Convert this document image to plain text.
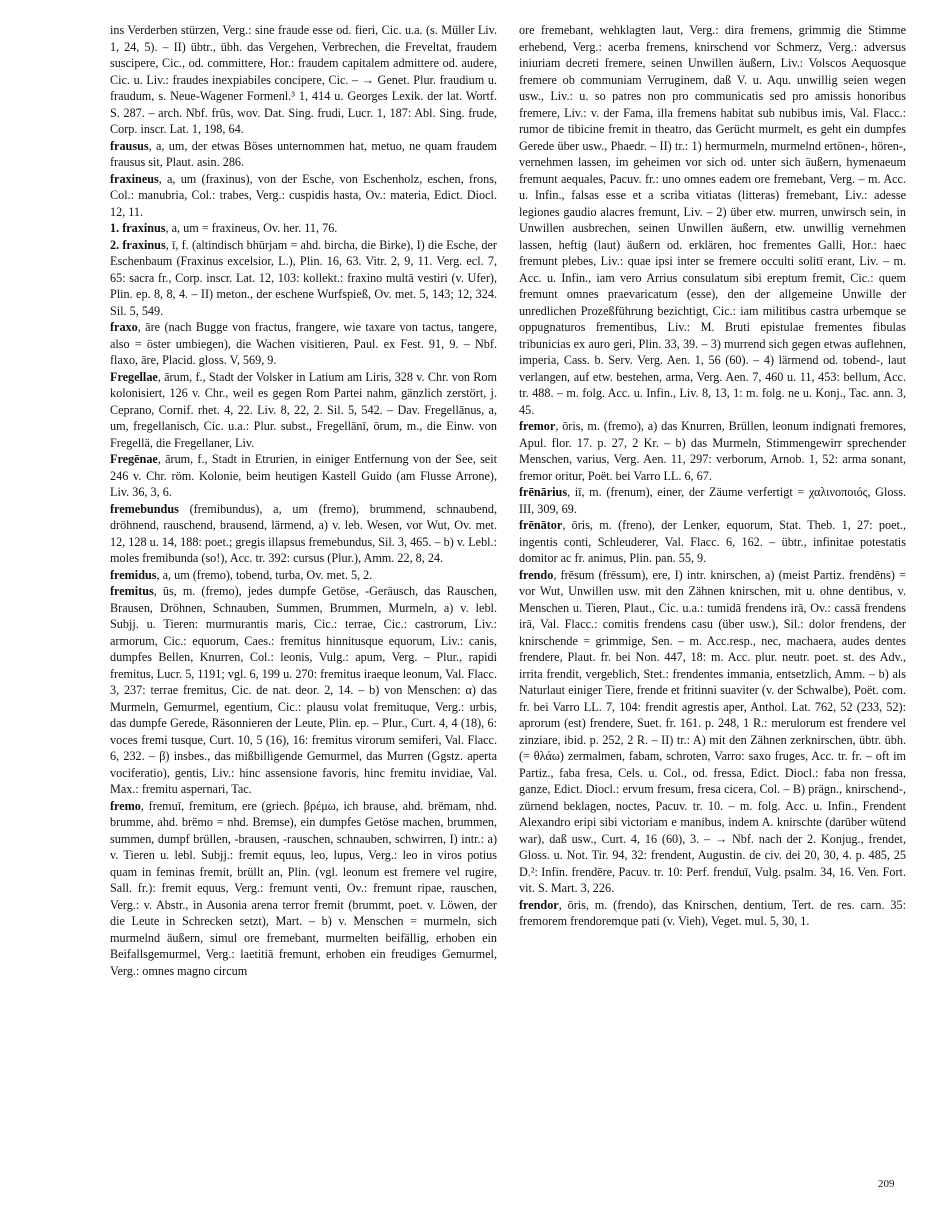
ins Verderben stürzen, Verg.: sine fraude esse od. fieri, Cic. u.a. (s. Müller Liv. 1, 24, 5). – II) übtr., übh. das Vergehen, Verbrechen, die Freveltat, fraudem suscipere, Cic., od. committere, Hor.: fraudem capitalem admittere od. audere, Cic. u. Liv.: fraudes inexpiabiles concipere, Cic. – → Genet. Plur. fraudium u. fraudum, s. Neue-Wagener Formenl.³ 1, 414 u. Georges Lexik. der lat. Wortf. S. 287. – arch. Nbf. frūs, wov. Dat. Sing. frudi, Lucr. 1, 187: Abl. Sing. frude, Corp. inscr. Lat. 1, 198, 64.

frausus, a, um, der etwas Böses unternommen hat, metuo, ne quam fraudem frausus sit, Plaut. asin. 286.

fraxineus, a, um (fraxinus), von der Esche, von Eschenholz, eschen, frons, Col.: manubria, Col.: trabes, Verg.: cuspidis hasta, Ov.: materia, Edict. Diocl. 12, 11.

1. fraxinus, a, um = fraxineus, Ov. her. 11, 76.

2. fraxinus, ī, f. (altindisch bhūrjam = ahd. bircha, die Birke), I) die Esche, der Eschenbaum (Fraxinus excelsior, L.), Plin. 16, 63. Vitr. 2, 9, 11. Verg. ecl. 7, 65: sacra fr., Corp. inscr. Lat. 12, 103: kollekt.: fraxino multā vestiri (v. Ufer), Plin. ep. 8, 8, 4. – II) meton., der eschene Wurfspieß, Ov. met. 5, 143; 12, 324. Sil. 5, 549.

fraxo, āre (nach Bugge von fractus, frangere, wie taxare von tactus, tangere, also = öster umbiegen), die Wachen visitieren, Paul. ex Fest. 91, 9. – Nbf. flaxo, āre, Placid. gloss. V, 569, 9.

Fregellae, ārum, f., Stadt der Volsker in Latium am Liris, 328 v. Chr. von Rom kolonisiert, 126 v. Chr., weil es gegen Rom Partei nahm, gänzlich zerstört, j. Ceprano, Cornif. rhet. 4, 22. Liv. 8, 22, 2. Sil. 5, 542. – Dav. Fregellānus, a, um, fregellanisch, Cic. u.a.: Plur. subst., Fregellānī, ōrum, m., die Einw. von Fregellä, die Fregellaner, Liv.

Fregēnae, ārum, f., Stadt in Etrurien, in einiger Entfernung von der See, seit 246 v. Chr. röm. Kolonie, beim heutigen Kastell Guido (am Flusse Arrone), Liv. 36, 3, 6.

fremebundus (fremibundus), a, um (fremo), brummend, schnaubend, dröhnend, rauschend, brausend, lärmend, a) v. leb. Wesen, vor Wut, Ov. met. 12, 128 u. 14, 188: poet.; gregis illapsus fremebundus, Sil. 3, 465. – b) v. Lebl.: moles fremibunda (so!), Acc. tr. 392: cursus (Plur.), Amm. 22, 8, 24.

fremidus, a, um (fremo), tobend, turba, Ov. met. 5, 2.

fremitus, ūs, m. (fremo), jedes dumpfe Getöse, -Geräusch, das Rauschen, Brausen, Dröhnen, Schnauben, Summen, Brummen, Murmeln, a) v. lebl. Subjj. u. Tieren: murmurantis maris, Cic.: terrae, Cic.: castrorum, Liv.: armorum, Cic.: equorum, Caes.: fremitus hinnitusque equorum, Liv.: canis, dumpfes Bellen, Knurren, Col.: leonis, Vulg.: apum, Verg. – Plur., rapidi fremitus, Lucr. 5, 1191; vgl. 6, 199 u. 270: fremitus iraeque leonum, Val. Flacc. 3, 237: terrae fremitus, Cic. de nat. deor. 2, 14. – b) von Menschen: α) das Murmeln, Gemurmel, egentium, Cic.: plausu volat fremituque, Verg.: urbis, das dumpfe Gerede, Räsonnieren der Leute, Plin. ep. – Plur., Curt. 4, 4 (18), 6: voces fremi tusque, Curt. 10, 5 (16), 16: fremitus virorum semiferi, Val. Flacc. 6, 232. – β) insbes., das mißbilligende Gemurmel, das Murren (Ggstz. aperta vociferatio), gentis, Liv.: hinc assensione favoris, hinc fremitu invidiae, Val. Max.: fremitu aspernari, Tac.

fremo, fremuī, fremitum, ere (griech. βρέμω, ich brause, ahd. brëmam, nhd. brumme, ahd. brëmo = nhd. Bremse), ein dumpfes Getöse machen, brummen, summen, dumpf brüllen, -brausen, -rauschen, schnauben, schwirren, I) intr.: a) v. Tieren u. lebl. Subjj.: fremit equus, leo, lupus, Verg.: leo in viros potius quam in feminas fremit, brüllt an, Plin. (vgl. leonum est fremere vel rugire, Sall. fr.): fremit equus, Verg.: fremunt venti, Ov.: fremunt ripae, rauschen, Verg.: v. Abstr., in Ausonia arena terror fremit (brummt, poet. v. Löwen, der die Leute in Schrecken setzt), Mart. – b) v. Menschen = murmeln, sich murmelnd äußern, simul ore fremebant, murmelten beifällig, erhoben ein Beifallsgemurmel, Verg.: laetitiā fremunt, erhoben ein freudiges Gemurmel, Verg.: omnes magno circum

ore fremebant, wehklagten laut, Verg.: dira fremens, grimmig die Stimme erhebend, Verg.: acerba fremens, knirschend vor Schmerz, Verg.: adversus iniuriam decreti fremere, seinen Unwillen äußern, Liv.: Volscos Aequosque fremere ob communiam Verruginem, daß V. u. Aqu. unwillig seien wegen usw., Liv.: u. so patres non pro communicatis sed pro amissis honoribus fremere, Liv.: v. der Fama, illa fremens habitat sub nubibus imis, Val. Flacc.: rumor de tibicine fremit in theatro, das Gerücht murmelt, es geht ein dumpfes Gerede über usw., Phaedr. – II) tr.: 1) hermurmeln, murmelnd ertönen-, hören-, vernehmen lassen, im geheimen vor sich od. unter sich äußern, hymenaeum fremunt aequales, Pacuv. fr.: uno omnes eadem ore fremebant, Verg. – m. Acc. u. Infin., falsas esse et a scriba vitiatas (litteras) fremebant, Liv.: adesse legiones gaudio alacres fremunt, Liv. – 2) über etw. murren, unwirsch sein, in Unwillen ausbrechen, seinen Unwillen äußern, etw. unwillig vernehmen lassen, heftig (laut) äußern od. erklären, hoc frementes Galli, Hor.: haec fremunt plebes, Liv.: quae ipsi inter se fremere occulti solitī erant, Liv. – m. Acc. u. Infin., iam vero Arrius consulatum sibi ereptum fremit, Cic.: quem fremunt omnes praevaricatum (esse), den der allgemeine Unwille der unredlichen Prozeßführung bezichtigt, Cic.: iam militibus castra urbemque se oppugnaturos frementibus, Liv.: M. Bruti epistulae frementes fibulas tribunicias ex auro geri, Plin. 33, 39. – 3) murrend sich gegen etwas auflehnen, imperia, Cass. b. Serv. Verg. Aen. 1, 56 (60). – 4) lärmend od. tobend-, laut verlangen, auf etw. bestehen, arma, Verg. Aen. 7, 460 u. 11, 453: bellum, Acc. tr. 488. – m. folg. Acc. u. Infin., Liv. 8, 13, 1: m. folg. ne u. Konj., Tac. ann. 3, 45.

fremor, ōris, m. (fremo), a) das Knurren, Brüllen, leonum indignati fremores, Apul. flor. 17. p. 27, 2 Kr. – b) das Murmeln, Stimmengewirr sprechender Menschen, varius, Verg. Aen. 11, 297: verborum, Arnob. 1, 52: arma sonant, fremor oritur, Poët. bei Varro LL. 6, 67.

frēnārius, iī, m. (frenum), einer, der Zäume verfertigt = χαλινοποιός, Gloss. III, 309, 69.

frēnātor, ōris, m. (freno), der Lenker, equorum, Stat. Theb. 1, 27: poet., ingentis conti, Schleuderer, Val. Flacc. 6, 162. – übtr., infinitae potestatis domitor ac fr. animus, Plin. pan. 55, 9.

frendo, frēsum (frēssum), ere, I) intr. knirschen, a) (meist Partiz. frendēns) = vor Wut, Unwillen usw. mit den Zähnen knirschen, mit u. ohne dentibus, v. Menschen u. Tieren, Plaut., Cic. u.a.: tumidā frendens irā, Ov.: cassā frendens irā, Val. Flacc.: comitis frendens casu (über usw.), Sil.: dolor frendens, der knirschende = grimmige, Sen. – m. Acc.resp., nec, machaera, audes dentes frendere, Plaut. fr. bei Non. 447, 18: m. Acc. plur. neutr. poet. st. des Adv., irrita frendit, vergeblich, Stet.: frendentes immania, entsetzlich, Amm. – b) als Naturlaut einiger Tiere, frende et fritinni suaviter (v. der Schwalbe), Poët. com. fr. bei Varro LL. 7, 104: frendit agrestis aper, Anthol. Lat. 762, 52 (233, 52): aprorum (est) frendere, Suet. fr. 161. p. 248, 1 R.: merulorum est frendere vel zinziare, ibid. p. 252, 2 R. – II) tr.: A) mit den Zähnen zerknirschen, übtr. übh. (= θλάω) zermalmen, fabam, schroten, Varro: saxo fruges, Acc. tr. fr. – oft im Partiz., faba fresa, Cels. u. Col., od. fressa, Edict. Diocl.: faba non fressa, ganze, Edict. Diocl.: ervum fresum, fresa cicera, Col. – B) prägn., knirschend-, zürnend beklagen, noctes, Pacuv. tr. 10. – m. folg. Acc. u. Infin., Frendent Alexandro eripi sibi victoriam e manibus, indem A. knirschte (darüber wütend war), daß usw., Curt. 4, 16 (60), 3. – → Nbf. nach der 2. Konjug., frendet, Gloss. u. Not. Tir. 94, 32: frendent, Augustin. de civ. dei 20, 30, 4. p. 485, 25 D.²: Infin. frendēre, Pacuv. tr. 10: Perf. frenduī, Vulg. psalm. 34, 16. Ven. Fort. vit. S. Mart. 3, 226.

frendor, ōris, m. (frendo), das Knirschen, dentium, Tert. de res. carn. 35: fremorem frendoremque pati (v. Vieh), Veget. mul. 5, 30, 1.

209
